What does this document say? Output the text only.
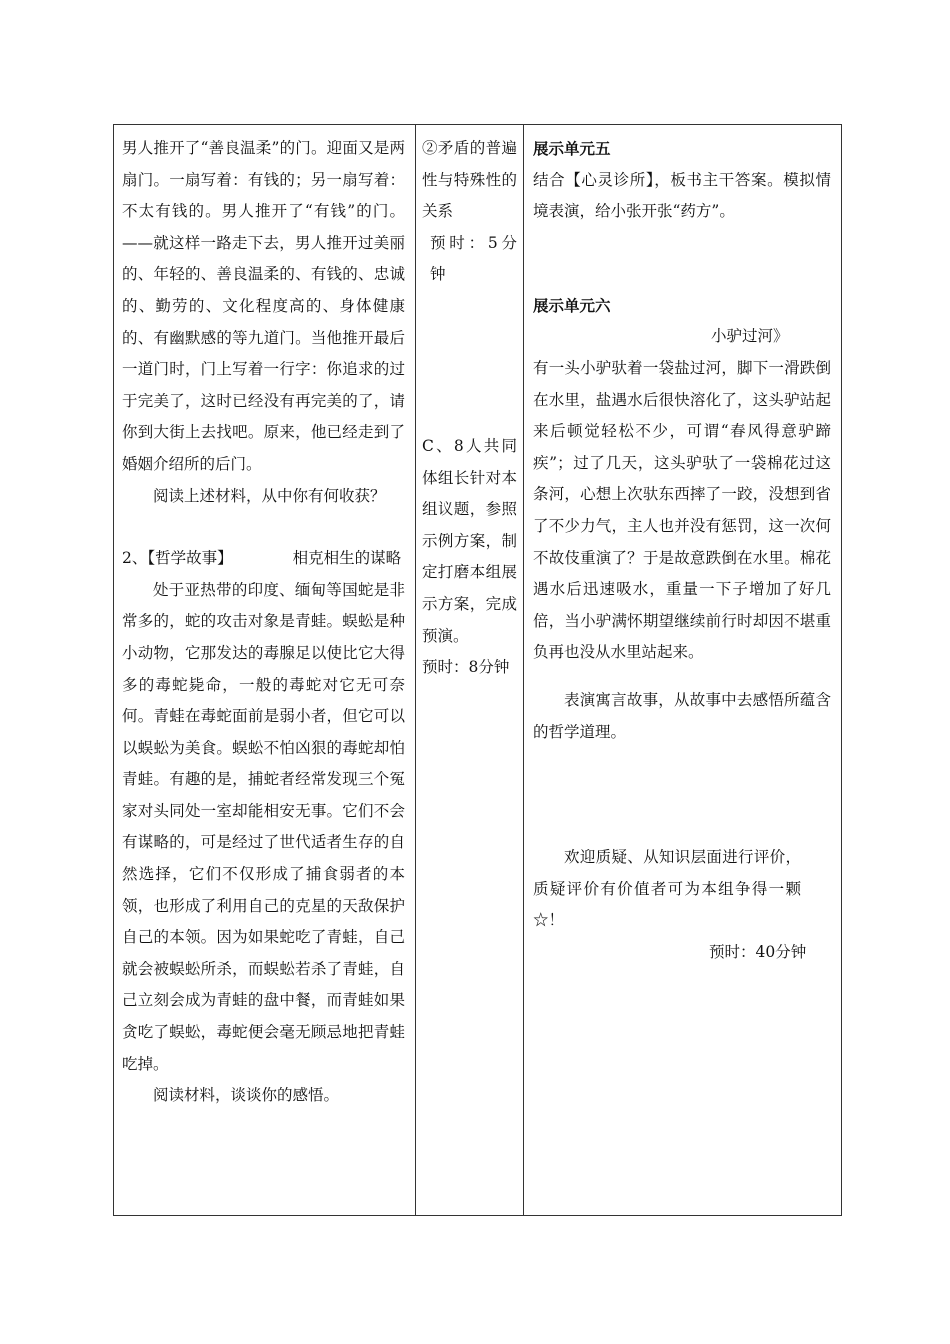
男人推开了“善良温柔”的门。迎面又是两扇门。一扇写着：有钱的；另一扇写着：不太有钱的。男人推开了“有钱”的门。——就这样一路走下去，男人推开过美丽的、年轻的、善良温柔的、有钱的、忠诚的、勤劳的、文化程度高的、身体健康的、有幽默感的等九道门。当他推开最后一道门时，门上写着一行字：你追求的过于完美了，这时已经没有再完美的了，请你到大街上去找吧。原来，他已经走到了婚姻介绍所的后门。

阅读上述材料，从中你有何收获？

2、【哲学故事】	相克相生的谋略

处于亚热带的印度、缅甸等国蛇是非常多的，蛇的攻击对象是青蛙。蜈蚣是种小动物，它那发达的毒腺足以使比它大得多的毒蛇毙命，一般的毒蛇对它无可奈何。青蛙在毒蛇面前是弱小者，但它可以以蜈蚣为美食。蜈蚣不怕凶狠的毒蛇却怕青蛙。有趣的是，捕蛇者经常发现三个冤家对头同处一室却能相安无事。它们不会有谋略的，可是经过了世代适者生存的自然选择，它们不仅形成了捕食弱者的本领，也形成了利用自己的克星的天敌保护自己的本领。因为如果蛇吃了青蛙，自己就会被蜈蚣所杀，而蜈蚣若杀了青蛙，自己立刻会成为青蛙的盘中餐，而青蛙如果贪吃了蜈蚣，毒蛇便会毫无顾忌地把青蛙吃掉。

阅读材料，谈谈你的感悟。

②矛盾的普遍性与特殊性的关系

预时：5分钟

C、8人共同体组长针对本组议题，参照示例方案，制定打磨本组展示方案，完成预演。

预时：8分钟

展示单元五

结合【心灵诊所】，板书主干答案。模拟情境表演，给小张开张“药方”。

展示单元六

小驴过河》

有一头小驴驮着一袋盐过河，脚下一滑跌倒在水里，盐遇水后很快溶化了，这头驴站起来后顿觉轻松不少，可谓“春风得意驴蹄疾”；过了几天，这头驴驮了一袋棉花过这条河，心想上次驮东西摔了一跤，没想到省了不少力气，主人也并没有惩罚，这一次何不故伎重演了？于是故意跌倒在水里。棉花遇水后迅速吸水，重量一下子增加了好几倍，当小驴满怀期望继续前行时却因不堪重负再也没从水里站起来。

表演寓言故事，从故事中去感悟所蕴含的哲学道理。

欢迎质疑、从知识层面进行评价，质疑评价有价值者可为本组争得一颗☆！

预时：40分钟
